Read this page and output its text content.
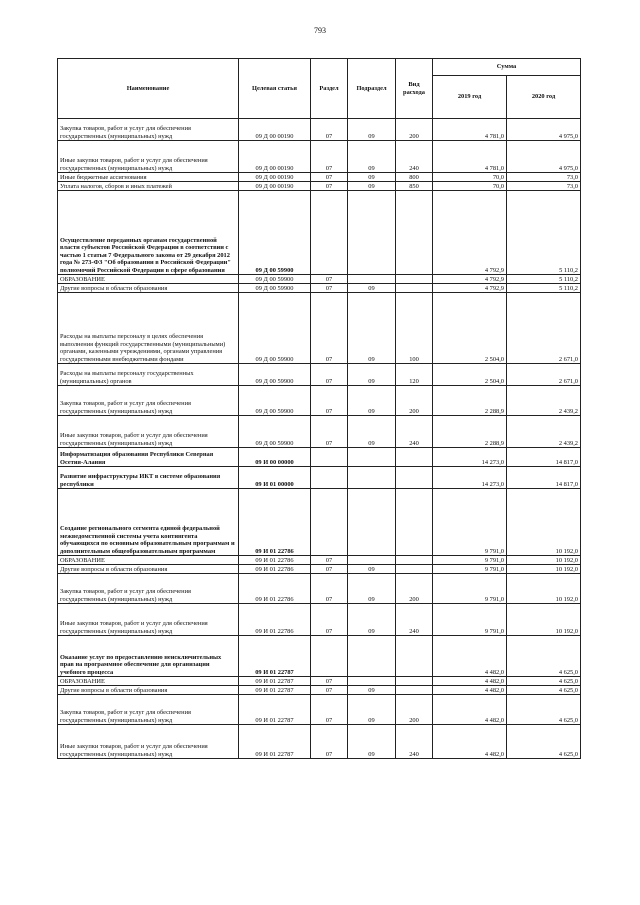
793
Наименование	Целевая статья	Раздел	Подраздел	Вид расхода	Сумма	
					2019 год	2020 год
Закупка товаров, работ и услуг для обеспечения государственных (муниципальных) нужд	09 Д 00 00190	07	09	200	4 781,0	4 975,0
Иные закупки товаров, работ и услуг для обеспечения государственных (муниципальных) нужд	09 Д 00 00190	07	09	240	4 781,0	4 975,0
Иные бюджетные ассигнования	09 Д 00 00190	07	09	800	70,0	73,0
Уплата налогов, сборов и иных платежей	09 Д 00 00190	07	09	850	70,0	73,0
Осуществление переданных органам государственной власти субъектов Российской Федерации в соответствии с частью 1 статьи 7 Федерального закона от 29 декабря 2012 года № 273-ФЗ "Об образовании в Российской Федерации" полномочий Российской Федерации в сфере образования	09 Д 00 59900				4 792,9	5 110,2
ОБРАЗОВАНИЕ	09 Д 00 59900	07			4 792,9	5 110,2
Другие вопросы в области образования	09 Д 00 59900	07	09		4 792,9	5 110,2
Расходы на выплаты персоналу в целях обеспечения выполнения функций государственными (муниципальными) органами, казенными учреждениями, органами управления государственными внебюджетными фондами	09 Д 00 59900	07	09	100	2 504,0	2 671,0
Расходы на выплаты персоналу государственных (муниципальных) органов	09 Д 00 59900	07	09	120	2 504,0	2 671,0
Закупка товаров, работ и услуг для обеспечения государственных (муниципальных) нужд	09 Д 00 59900	07	09	200	2 288,9	2 439,2
Иные закупки товаров, работ и услуг для обеспечения государственных (муниципальных) нужд	09 Д 00 59900	07	09	240	2 288,9	2 439,2
Информатизация образования Республики Северная Осетия-Алания	09 И 00 00000				14 273,0	14 817,0
Развитие инфраструктуры ИКТ в системе образования республики	09 И 01 00000				14 273,0	14 817,0
Создание регионального сегмента единой федеральной межведомственной системы учета контингента обучающихся по основным образовательным программам и дополнительным общеобразовательным программам	09 И 01 22786				9 791,0	10 192,0
ОБРАЗОВАНИЕ	09 И 01 22786	07			9 791,0	10 192,0
Другие вопросы в области образования	09 И 01 22786	07	09		9 791,0	10 192,0
Закупка товаров, работ и услуг для обеспечения государственных (муниципальных) нужд	09 И 01 22786	07	09	200	9 791,0	10 192,0
Иные закупки товаров, работ и услуг для обеспечения государственных (муниципальных) нужд	09 И 01 22786	07	09	240	9 791,0	10 192,0
Оказание услуг по предоставлению неисключительных прав на программное обеспечение для организации учебного процесса	09 И 01 22787				4 482,0	4 625,0
ОБРАЗОВАНИЕ	09 И 01 22787	07			4 482,0	4 625,0
Другие вопросы в области образования	09 И 01 22787	07	09		4 482,0	4 625,0
Закупка товаров, работ и услуг для обеспечения государственных (муниципальных) нужд	09 И 01 22787	07	09	200	4 482,0	4 625,0
Иные закупки товаров, работ и услуг для обеспечения государственных (муниципальных) нужд	09 И 01 22787	07	09	240	4 482,0	4 625,0
